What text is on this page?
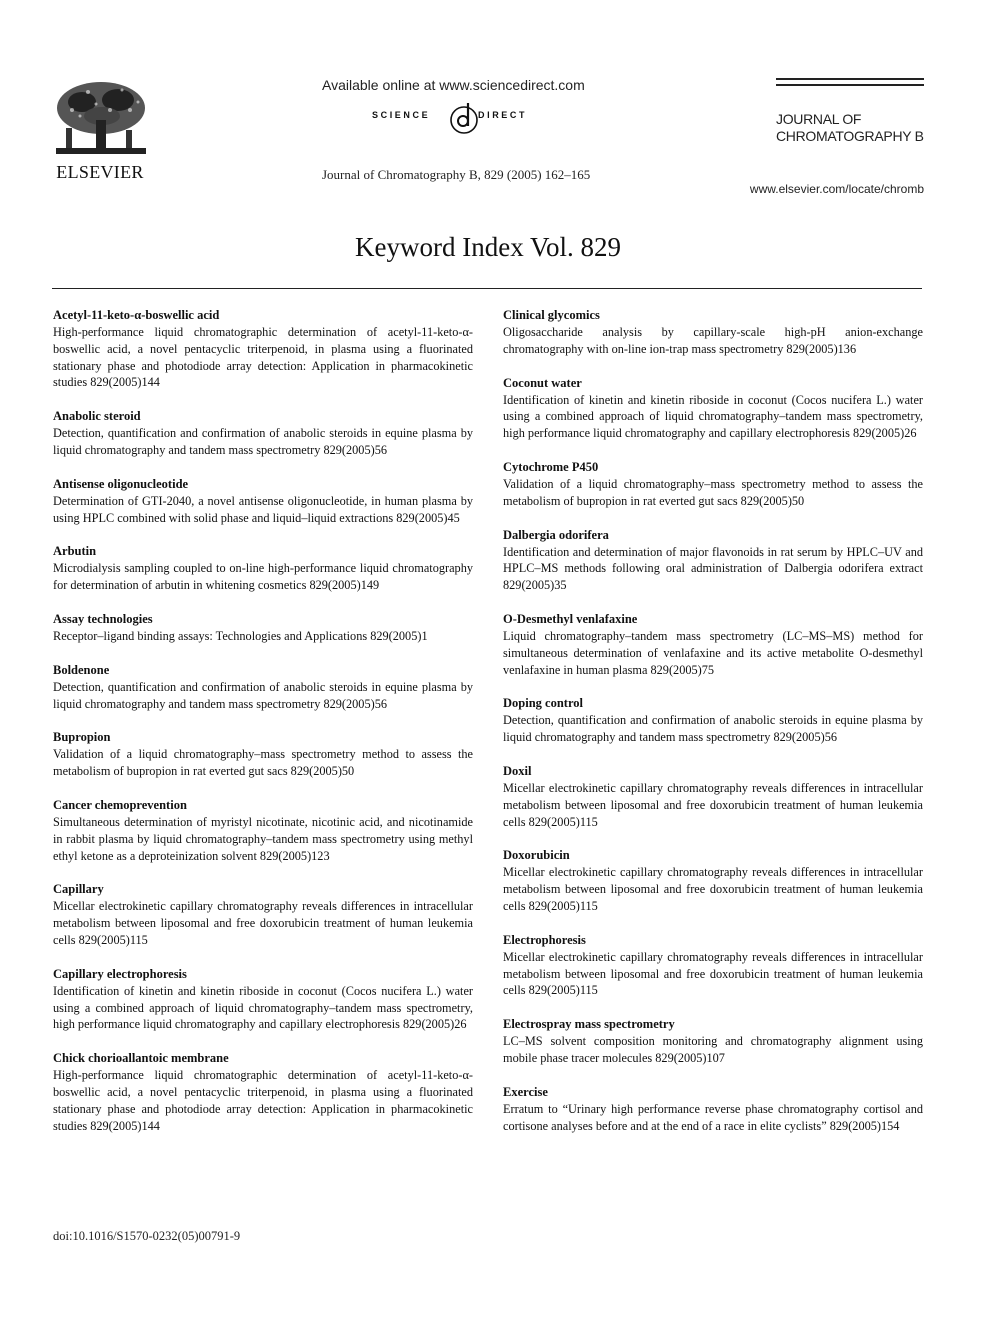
ELSEVIER
Available online at www.sciencedirect.com
SCIENCE	DIRECT
Journal of Chromatography B, 829 (2005) 162–165
JOURNAL OF
CHROMATOGRAPHY B
www.elsevier.com/locate/chromb
Keyword Index Vol. 829
Acetyl-11-keto-α-boswellic acid
High-performance liquid chromatographic determination of acetyl-11-keto-α-boswellic acid, a novel pentacyclic triterpenoid, in plasma using a fluorinated stationary phase and photodiode array detection: Application in pharmacokinetic studies 829(2005)144
Anabolic steroid
Detection, quantification and confirmation of anabolic steroids in equine plasma by liquid chromatography and tandem mass spectrometry 829(2005)56
Antisense oligonucleotide
Determination of GTI-2040, a novel antisense oligonucleotide, in human plasma by using HPLC combined with solid phase and liquid–liquid extractions 829(2005)45
Arbutin
Microdialysis sampling coupled to on-line high-performance liquid chromatography for determination of arbutin in whitening cosmetics 829(2005)149
Assay technologies
Receptor–ligand binding assays: Technologies and Applications 829(2005)1
Boldenone
Detection, quantification and confirmation of anabolic steroids in equine plasma by liquid chromatography and tandem mass spectrometry 829(2005)56
Bupropion
Validation of a liquid chromatography–mass spectrometry method to assess the metabolism of bupropion in rat everted gut sacs 829(2005)50
Cancer chemoprevention
Simultaneous determination of myristyl nicotinate, nicotinic acid, and nicotinamide in rabbit plasma by liquid chromatography–tandem mass spectrometry using methyl ethyl ketone as a deproteinization solvent 829(2005)123
Capillary
Micellar electrokinetic capillary chromatography reveals differences in intracellular metabolism between liposomal and free doxorubicin treatment of human leukemia cells 829(2005)115
Capillary electrophoresis
Identification of kinetin and kinetin riboside in coconut (Cocos nucifera L.) water using a combined approach of liquid chromatography–tandem mass spectrometry, high performance liquid chromatography and capillary electrophoresis 829(2005)26
Chick chorioallantoic membrane
High-performance liquid chromatographic determination of acetyl-11-keto-α-boswellic acid, a novel pentacyclic triterpenoid, in plasma using a fluorinated stationary phase and photodiode array detection: Application in pharmacokinetic studies 829(2005)144
Clinical glycomics
Oligosaccharide analysis by capillary-scale high-pH anion-exchange chromatography with on-line ion-trap mass spectrometry 829(2005)136
Coconut water
Identification of kinetin and kinetin riboside in coconut (Cocos nucifera L.) water using a combined approach of liquid chromatography–tandem mass spectrometry, high performance liquid chromatography and capillary electrophoresis 829(2005)26
Cytochrome P450
Validation of a liquid chromatography–mass spectrometry method to assess the metabolism of bupropion in rat everted gut sacs 829(2005)50
Dalbergia odorifera
Identification and determination of major flavonoids in rat serum by HPLC–UV and HPLC–MS methods following oral administration of Dalbergia odorifera extract 829(2005)35
O-Desmethyl venlafaxine
Liquid chromatography–tandem mass spectrometry (LC–MS–MS) method for simultaneous determination of venlafaxine and its active metabolite O-desmethyl venlafaxine in human plasma 829(2005)75
Doping control
Detection, quantification and confirmation of anabolic steroids in equine plasma by liquid chromatography and tandem mass spectrometry 829(2005)56
Doxil
Micellar electrokinetic capillary chromatography reveals differences in intracellular metabolism between liposomal and free doxorubicin treatment of human leukemia cells 829(2005)115
Doxorubicin
Micellar electrokinetic capillary chromatography reveals differences in intracellular metabolism between liposomal and free doxorubicin treatment of human leukemia cells 829(2005)115
Electrophoresis
Micellar electrokinetic capillary chromatography reveals differences in intracellular metabolism between liposomal and free doxorubicin treatment of human leukemia cells 829(2005)115
Electrospray mass spectrometry
LC–MS solvent composition monitoring and chromatography alignment using mobile phase tracer molecules 829(2005)107
Exercise
Erratum to “Urinary high performance reverse phase chromatography cortisol and cortisone analyses before and at the end of a race in elite cyclists” 829(2005)154
doi:10.1016/S1570-0232(05)00791-9
